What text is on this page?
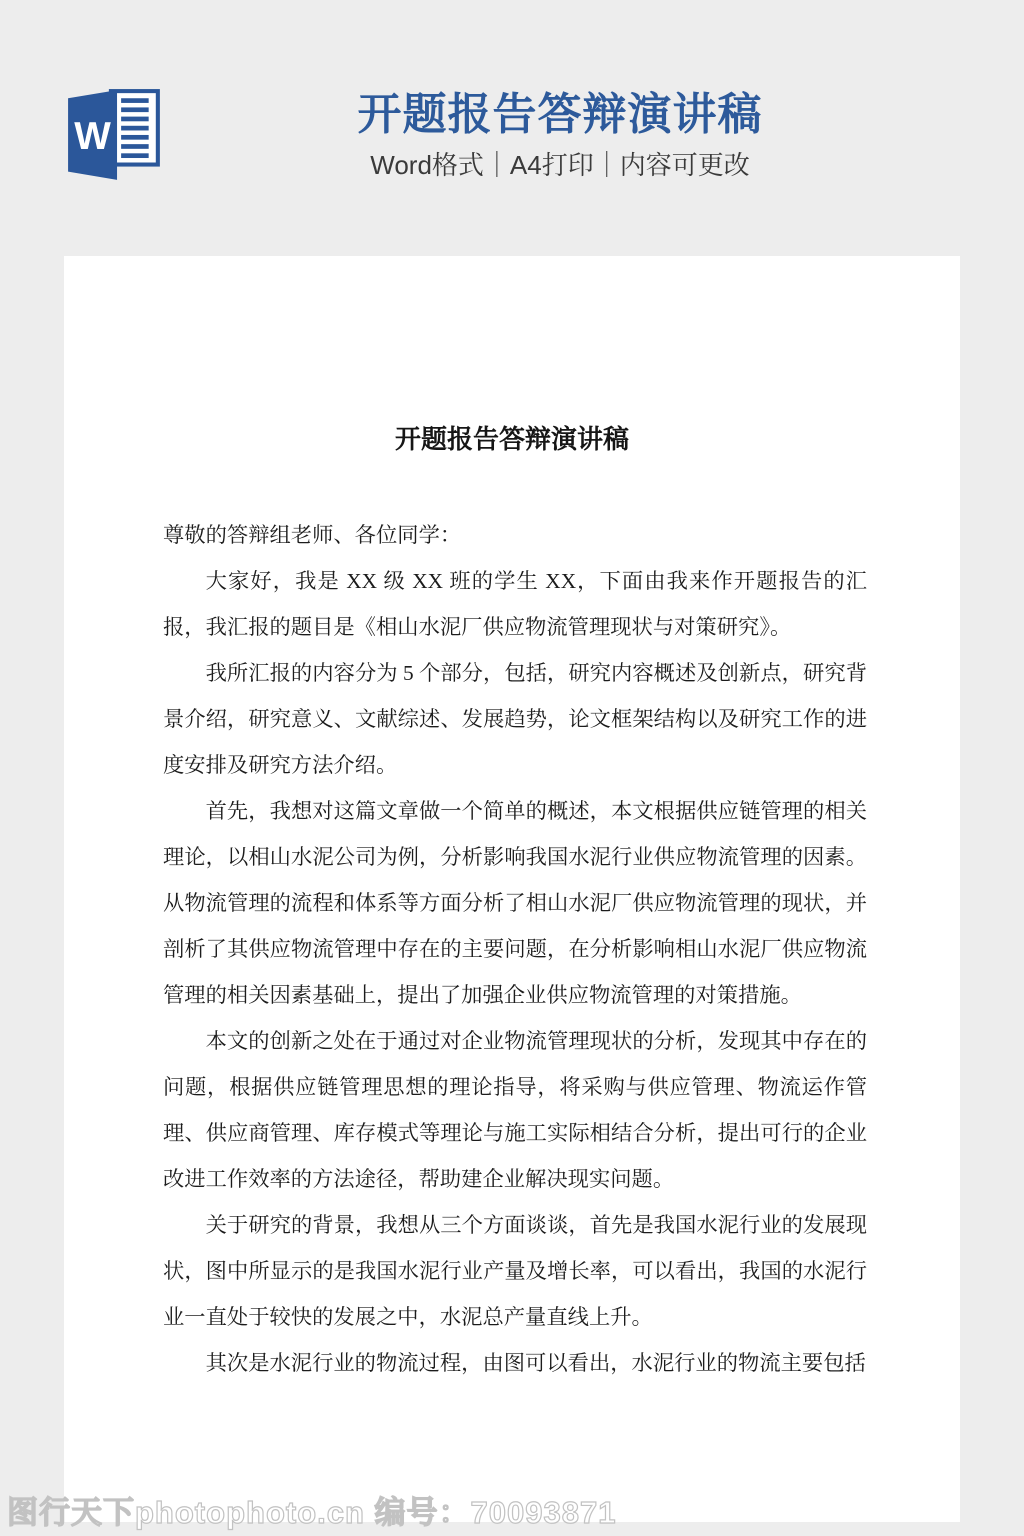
W	开题报告答辩演讲稿
Word格式｜A4打印｜内容可更改
开题报告答辩演讲稿

尊敬的答辩组老师、各位同学：

大家好，我是 XX 级 XX 班的学生 XX，下面由我来作开题报告的汇报，我汇报的题目是《相山水泥厂供应物流管理现状与对策研究》。

我所汇报的内容分为 5 个部分，包括，研究内容概述及创新点，研究背景介绍，研究意义、文献综述、发展趋势，论文框架结构以及研究工作的进度安排及研究方法介绍。

首先，我想对这篇文章做一个简单的概述，本文根据供应链管理的相关理论，以相山水泥公司为例，分析影响我国水泥行业供应物流管理的因素。从物流管理的流程和体系等方面分析了相山水泥厂供应物流管理的现状，并剖析了其供应物流管理中存在的主要问题，在分析影响相山水泥厂供应物流管理的相关因素基础上，提出了加强企业供应物流管理的对策措施。

本文的创新之处在于通过对企业物流管理现状的分析，发现其中存在的问题，根据供应链管理思想的理论指导，将采购与供应管理、物流运作管理、供应商管理、库存模式等理论与施工实际相结合分析，提出可行的企业改进工作效率的方法途径，帮助建企业解决现实问题。

关于研究的背景，我想从三个方面谈谈，首先是我国水泥行业的发展现状，图中所显示的是我国水泥行业产量及增长率，可以看出，我国的水泥行业一直处于较快的发展之中，水泥总产量直线上升。

其次是水泥行业的物流过程，由图可以看出，水泥行业的物流主要包括

图行天下photophoto.cn 编号：70093871
